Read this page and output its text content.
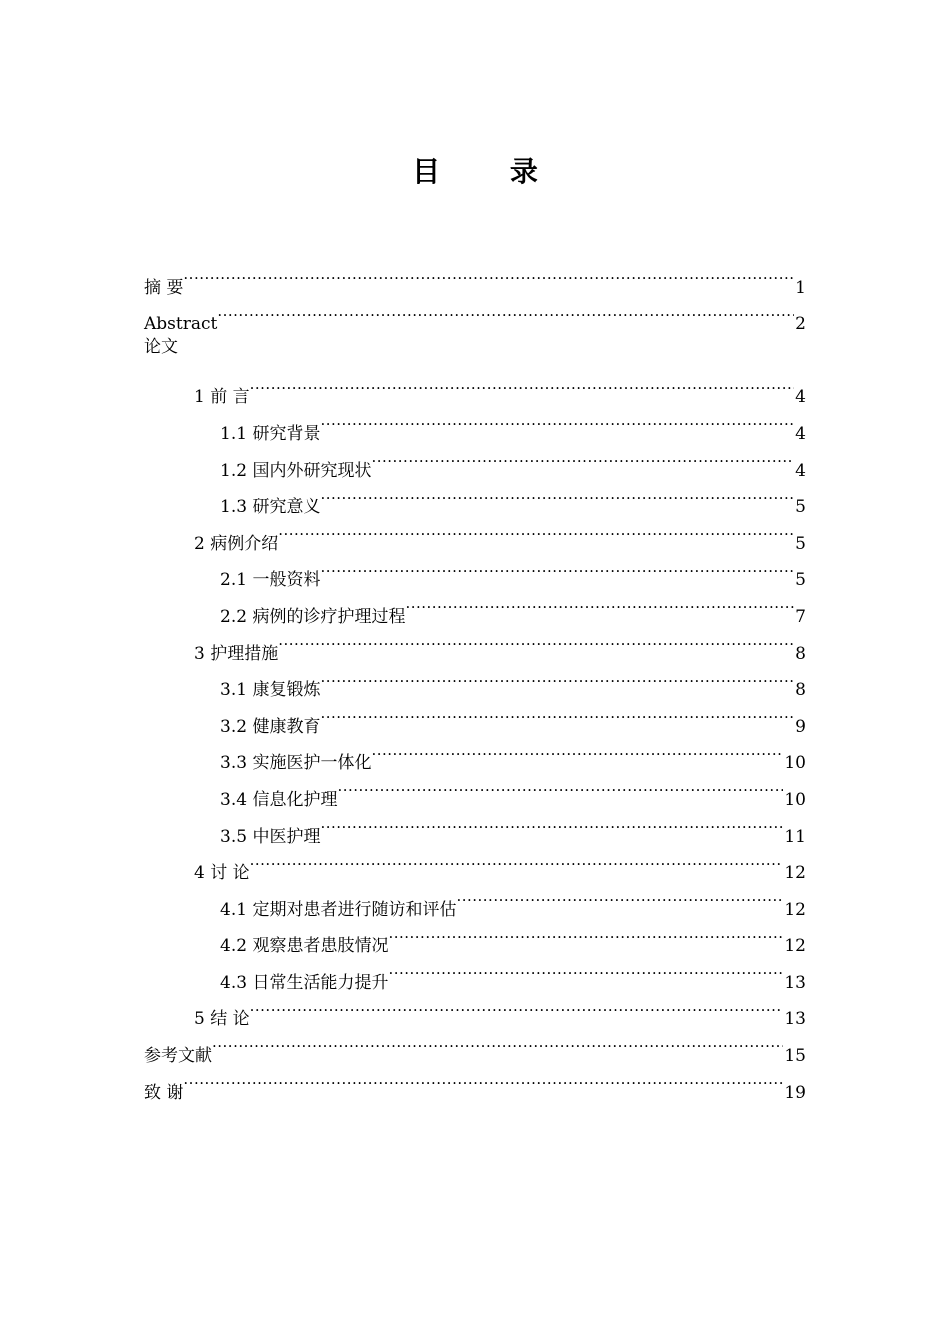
目 录
摘 要 .....	1
Abstract .....	2
论文
1 前 言 .....	4
1.1 研究背景 .....	4
1.2 国内外研究现状 .....	4
1.3 研究意义 .....	5
2 病例介绍 .....	5
2.1 一般资料 .....	5
2.2 病例的诊疗护理过程 .....	7
3 护理措施 .....	8
3.1 康复锻炼 .....	8
3.2 健康教育 .....	9
3.3 实施医护一体化 .....	10
3.4 信息化护理 .....	10
3.5 中医护理 .....	11
4 讨 论 .....	12
4.1 定期对患者进行随访和评估 .....	12
4.2 观察患者患肢情况 .....	12
4.3 日常生活能力提升 .....	13
5 结 论 .....	13
参考文献 .....	15
致 谢 .....	19
